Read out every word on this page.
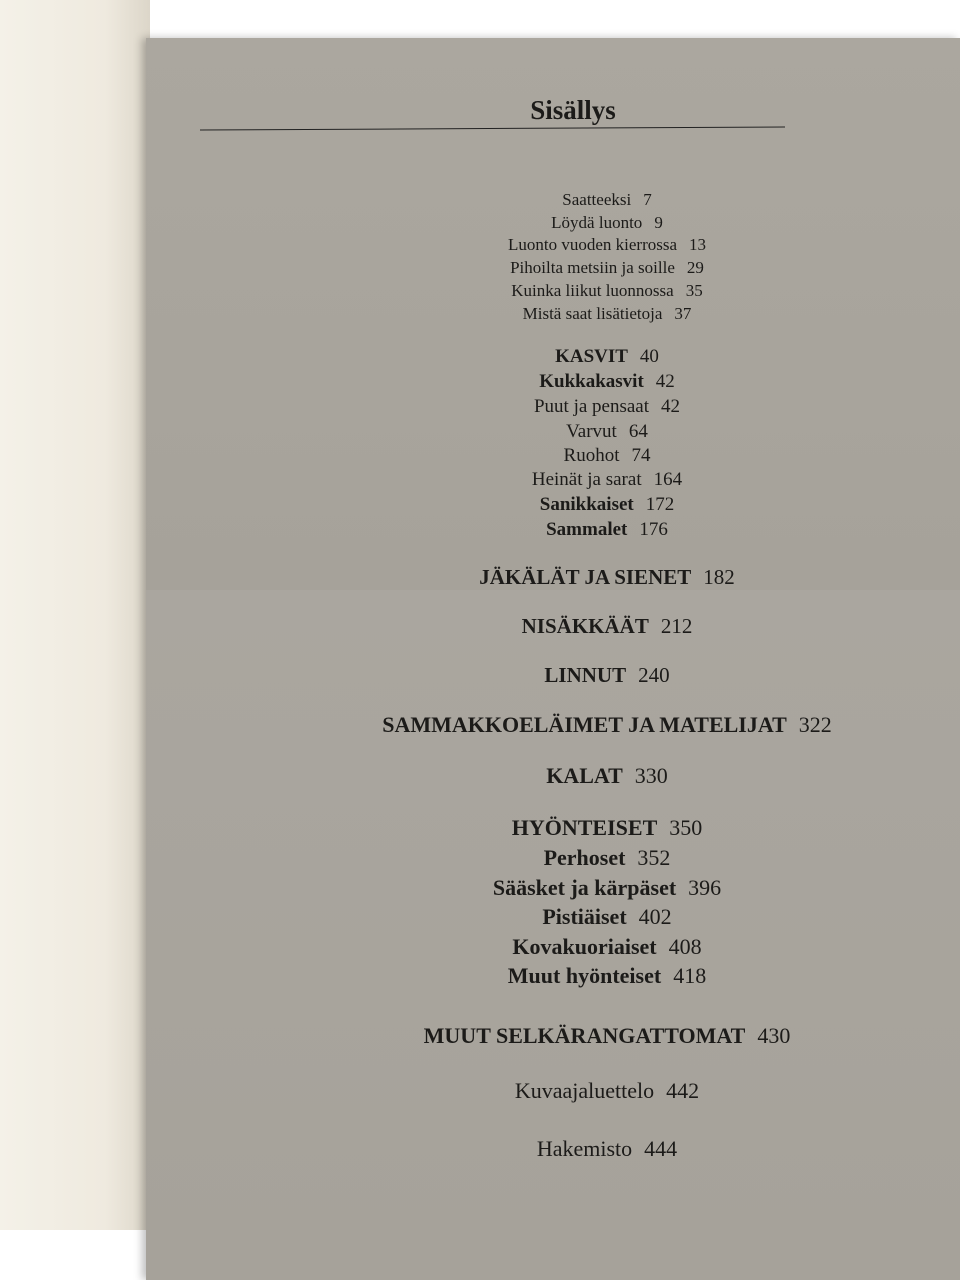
Sisällys
Saatteeksi 7
Löydä luonto 9
Luonto vuoden kierrossa 13
Pihoilta metsiin ja soille 29
Kuinka liikut luonnossa 35
Mistä saat lisätietoja 37
KASVIT 40
Kukkakasvit 42
Puut ja pensaat 42
Varvut 64
Ruohot 74
Heinät ja sarat 164
Sanikkaiset 172
Sammalet 176
JÄKÄLÄT JA SIENET 182
NISÄKKÄÄT 212
LINNUT 240
SAMMAKKOELÄIMET JA MATELIJAT 322
KALAT 330
HYÖNTEISET 350
Perhoset 352
Sääsket ja kärpäset 396
Pistiäiset 402
Kovakuoriaiset 408
Muut hyönteiset 418
MUUT SELKÄRANGATTOMAT 430
Kuvaajaluettelo 442
Hakemisto 444
